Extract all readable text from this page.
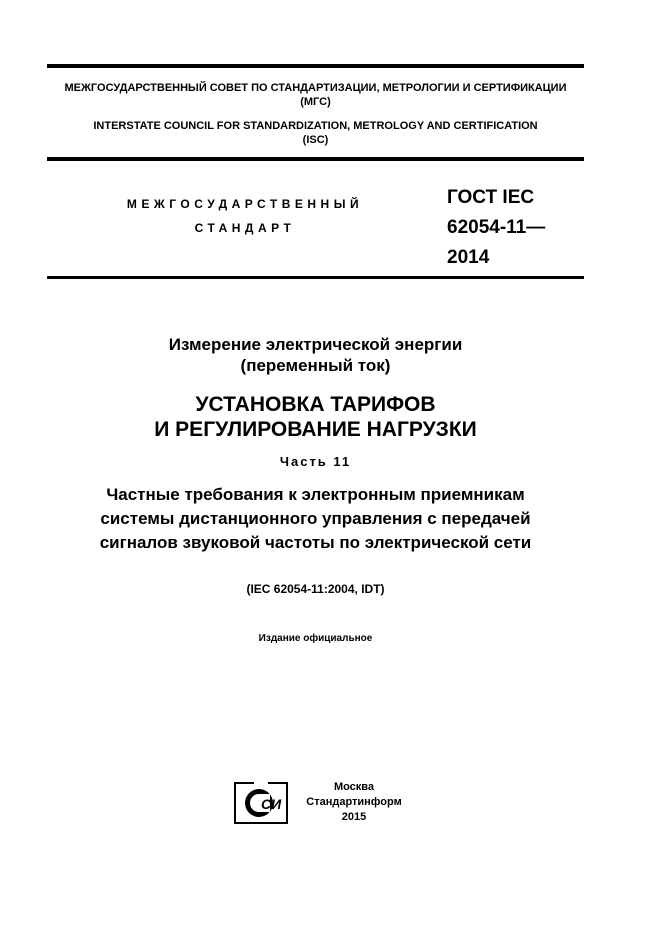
МЕЖГОСУДАРСТВЕННЫЙ СОВЕТ ПО СТАНДАРТИЗАЦИИ, МЕТРОЛОГИИ И СЕРТИФИКАЦИИ
(МГС)
INTERSTATE COUNCIL FOR STANDARDIZATION, METROLOGY AND CERTIFICATION
(ISC)
МЕЖГОСУДАРСТВЕННЫЙ
СТАНДАРТ
ГОСТ IEC
62054-11—
2014
Измерение электрической энергии
(переменный ток)
УСТАНОВКА ТАРИФОВ
И РЕГУЛИРОВАНИЕ НАГРУЗКИ
Часть 11
Частные требования к электронным приемникам
системы дистанционного управления с передачей
сигналов звуковой частоты по электрической сети
(IEC 62054-11:2004, IDT)
Издание официальное
СИ
Москва
Стандартинформ
2015
